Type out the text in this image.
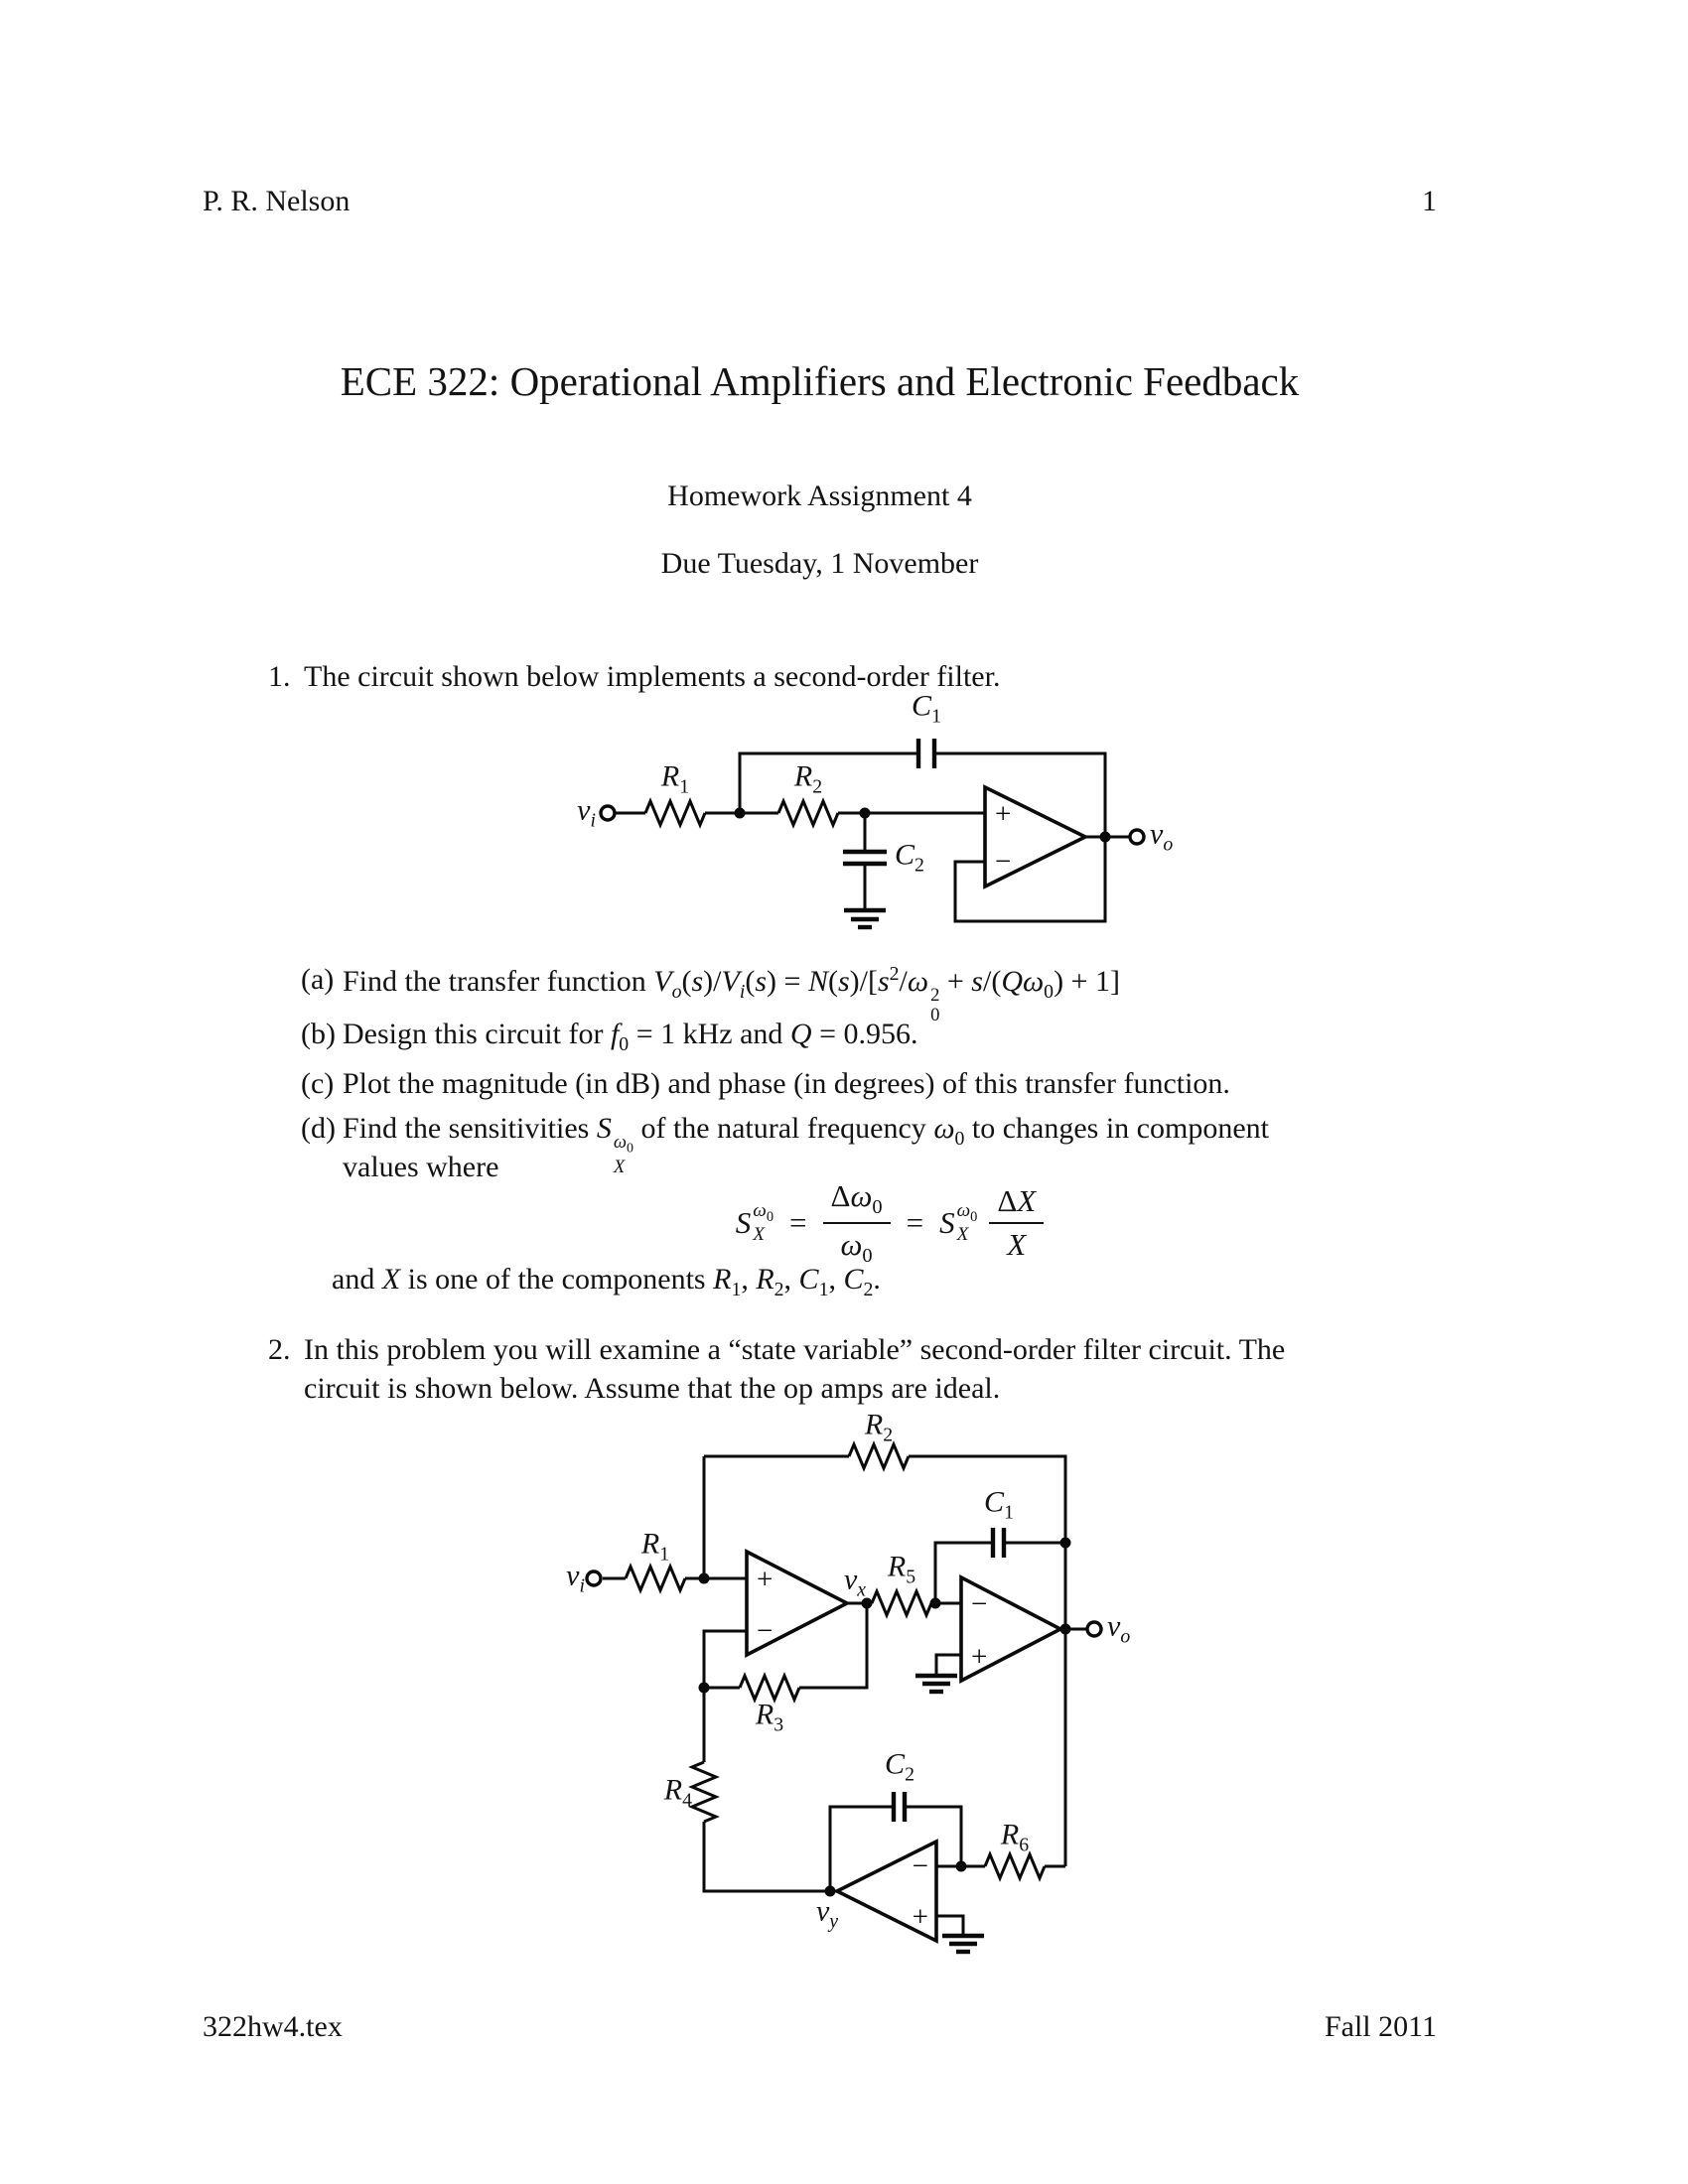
P. R. Nelson	1
ECE 322: Operational Amplifiers and Electronic Feedback
Homework Assignment 4
Due Tuesday, 1 November
1. The circuit shown below implements a second-order filter.
+
−
$v_i$
$R_1$	$R_2$
$C_1$
$C_2$
$v_o$
(a) Find the transfer function $V_o(s)/V_i(s) = N(s)/[s^2/\omega$ 2
0
+ $s/(Q\omega_0) + 1$]
(b) Design this circuit for $f_0 = 1$ kHz and Q = 0.956.
(c) Plot the magnitude (in dB) and phase (in degrees) of this transfer function.
(d) Find the sensitivities S $\omega_0$
X
of the natural frequency $\omega_0$ to changes in component
values where
S $\omega_0$
$X = \frac{\Delta\omega_0}{\omega_0} = S$ $\omega_0$
X $\frac{\Delta X}{X}$
and X is one of the components $R_1$, $R_2$, $C_1$, $C_2$.
2. In this problem you will examine a “state variable” second-order filter circuit. The
circuit is shown below. Assume that the op amps are ideal.
+
−
−
+
−
+
$R_2$
$R_1$
$v_i$	$v_x$
$R_5$
$C_1$
$v_o$
$R_3$
$R_4$
$C_2$
$R_6$
$v_y$
322hw4.tex	Fall 2011
